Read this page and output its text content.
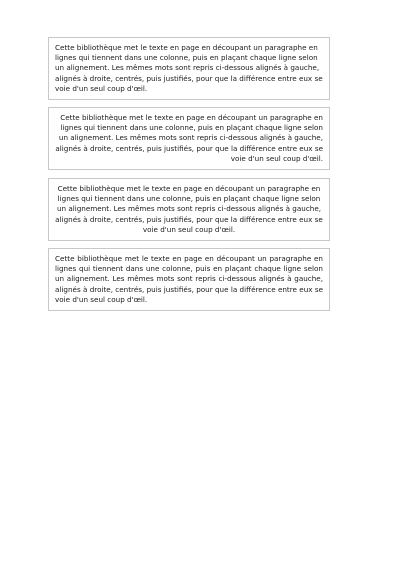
Cette bibliothèque met le texte en page en découpant un paragraphe en lignes qui tiennent dans une colonne, puis en plaçant chaque ligne selon un alignement. Les mêmes mots sont repris ci-dessous alignés à gauche, alignés à droite, centrés, puis justifiés, pour que la différence entre eux se voie d'un seul coup d'œil.

Cette bibliothèque met le texte en page en découpant un paragraphe en lignes qui tiennent dans une colonne, puis en plaçant chaque ligne selon un alignement. Les mêmes mots sont repris ci-dessous alignés à gauche, alignés à droite, centrés, puis justifiés, pour que la différence entre eux se voie d'un seul coup d'œil.

Cette bibliothèque met le texte en page en découpant un paragraphe en lignes qui tiennent dans une colonne, puis en plaçant chaque ligne selon un alignement. Les mêmes mots sont repris ci-dessous alignés à gauche, alignés à droite, centrés, puis justifiés, pour que la différence entre eux se voie d'un seul coup d'œil.

Cette bibliothèque met le texte en page en découpant un paragraphe en lignes qui tiennent dans une colonne, puis en plaçant chaque ligne selon un alignement. Les mêmes mots sont repris ci-dessous alignés à gauche, alignés à droite, centrés, puis justifiés, pour que la différence entre eux se voie d'un seul coup d'œil.
